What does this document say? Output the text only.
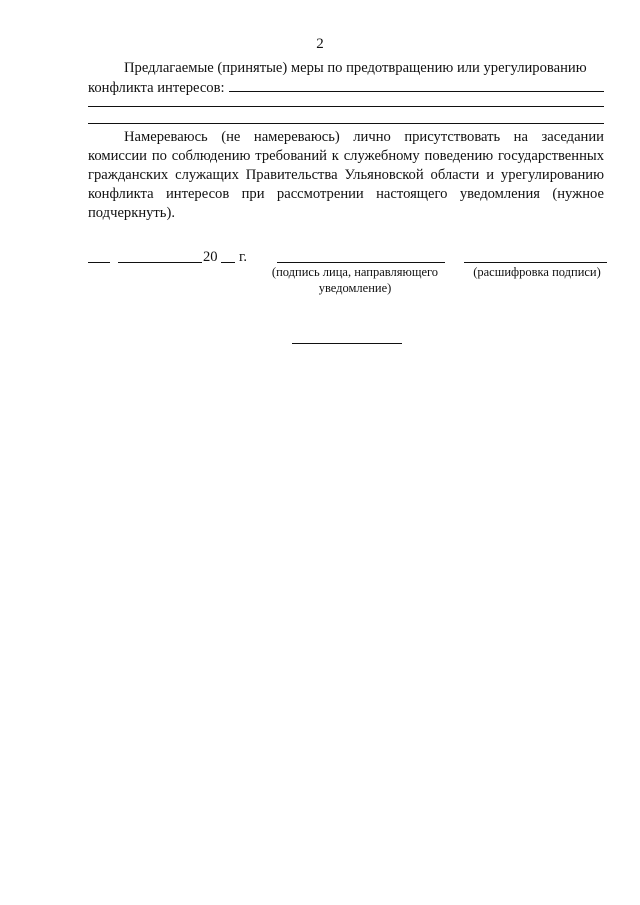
2
Предлагаемые (принятые) меры по предотвращению или урегулированию
конфликта интересов:
Намереваюсь (не намереваюсь) лично присутствовать на заседании комиссии по соблюдению требований к служебному поведению государственных гражданских служащих Правительства Ульяновской области и урегулированию конфликта интересов при рассмотрении настоящего уведомления (нужное подчеркнуть).
20 г.
(подпись лица, направляющего уведомление)
(расшифровка подписи)
